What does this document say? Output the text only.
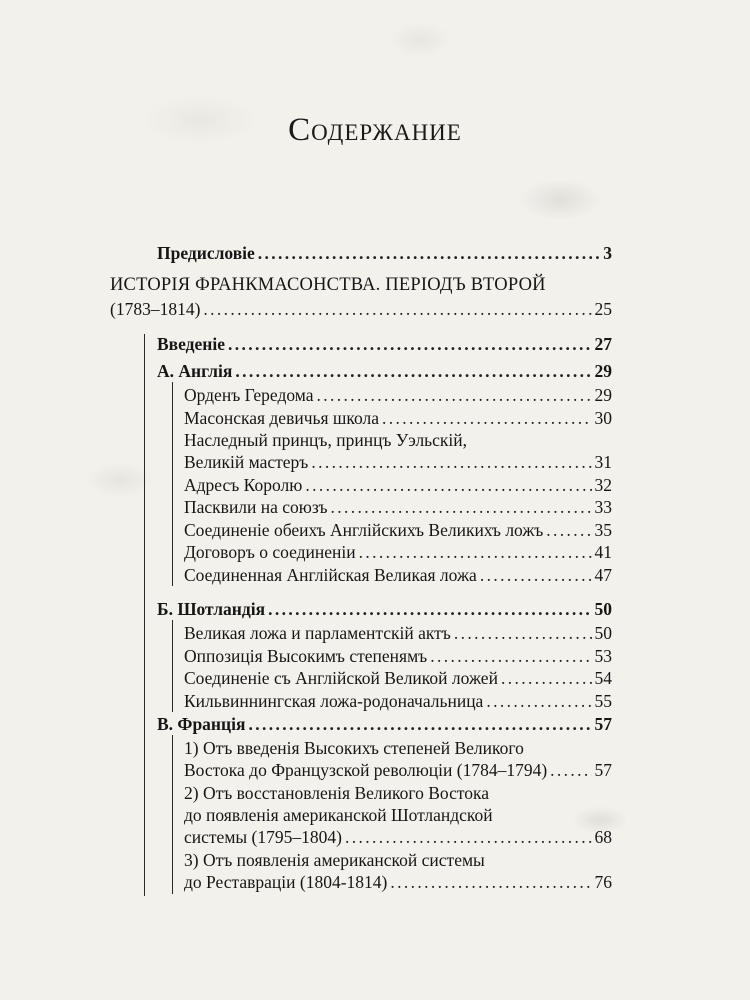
Содержание
Предисловіе . . .	3
ИСТОРІЯ ФРАНКМАСОНСТВА. ПЕРІОДЪ ВТОРОЙ
(1783–1814) . . .	25
Введеніе . . .	27
А. Англія . . .	29
Орденъ Гередома . . .	29
Масонская девичья школа . . .	30
Наследный принцъ, принцъ Уэльскій,
Великій мастеръ . . .	31
Адресъ Королю . . .	32
Пасквили на союзъ . . .	33
Соединеніе обеихъ Англійскихъ Великихъ ложъ . . .	35
Договоръ о соединеніи . . .	41
Соединенная Англійская Великая ложа . . .	47
Б. Шотландія . . .	50
Великая ложа и парламентскій актъ . . .	50
Оппозиція Высокимъ степенямъ . . .	53
Соединеніе съ Англійской Великой ложей . . .	54
Кильвиннингская ложа-родоначальница . . .	55
В. Франція . . .	57
1) Отъ введенія Высокихъ степеней Великого
Востока до Французской революціи (1784–1794) . . .	57
2) Отъ восстановленія Великого Востока
до появленія американской Шотландской
системы (1795–1804) . . .	68
3) Отъ появленія американской системы
до Реставраціи (1804-1814) . . .	76
